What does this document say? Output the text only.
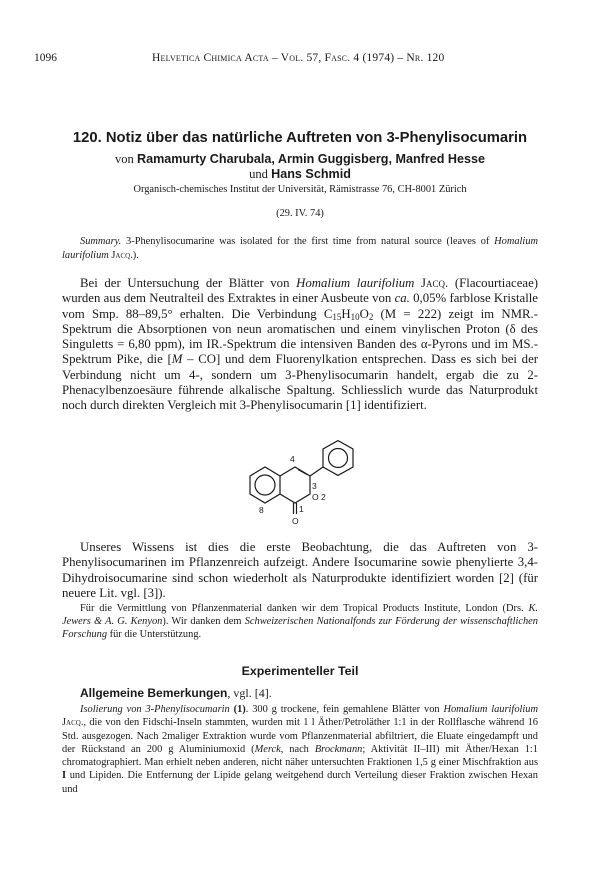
1096	Helvetica Chimica Acta – Vol. 57, Fasc. 4 (1974) – Nr. 120
120. Notiz über das natürliche Auftreten von 3-Phenylisocumarin
von Ramamurty Charubala, Armin Guggisberg, Manfred Hesse
und Hans Schmid
Organisch-chemisches Institut der Universität, Rämistrasse 76, CH-8001 Zürich
(29. IV. 74)
Summary. 3-Phenylisocumarine was isolated for the first time from natural source (leaves of Homalium laurifolium Jacq.).
Bei der Untersuchung der Blätter von Homalium laurifolium Jacq. (Flacourtiaceae) wurden aus dem Neutralteil des Extraktes in einer Ausbeute von ca. 0,05% farblose Kristalle vom Smp. 88–89,5° erhalten. Die Verbindung $C_{15}H_{10}O_2$ (M = 222) zeigt im NMR.-Spektrum die Absorptionen von neun aromatischen und einem vinylischen Proton (δ des Singuletts = 6,80 ppm), im IR.-Spektrum die intensiven Banden des α-Pyrons und im MS.-Spektrum Pike, die [M – CO] und dem Fluorenylkation entsprechen. Dass es sich bei der Verbindung nicht um 4-, sondern um 3-Phenylisocumarin handelt, ergab die zu 2-Phenacylbenzoesäure führende alkalische Spaltung. Schliesslich wurde das Naturprodukt noch durch direkten Vergleich mit 3-Phenylisocumarin [1] identifiziert.
4
3
O 2
8	1
O
Unseres Wissens ist dies die erste Beobachtung, die das Auftreten von 3-Phenylisocumarinen im Pflanzenreich aufzeigt. Andere Isocumarine sowie phenylierte 3,4-Dihydroisocumarine sind schon wiederholt als Naturprodukte identifiziert worden [2] (für neuere Lit. vgl. [3]).
Für die Vermittlung von Pflanzenmaterial danken wir dem Tropical Products Institute, London (Drs. K. Jewers & A. G. Kenyon). Wir danken dem Schweizerischen Nationalfonds zur Förderung der wissenschaftlichen Forschung für die Unterstützung.
Experimenteller Teil
Allgemeine Bemerkungen, vgl. [4].
Isolierung von 3-Phenylisocumarin (1). 300 g trockene, fein gemahlene Blätter von Homalium laurifolium Jacq., die von den Fidschi-Inseln stammten, wurden mit 1 l Äther/Petroläther 1:1 in der Rollflasche während 16 Std. ausgezogen. Nach 2maliger Extraktion wurde vom Pflanzenmaterial abfiltriert, die Eluate eingedampft und der Rückstand an 200 g Aluminiumoxid (Merck, nach Brockmann; Aktivität II–III) mit Äther/Hexan 1:1 chromatographiert. Man erhielt neben anderen, nicht näher untersuchten Fraktionen 1,5 g einer Mischfraktion aus I und Lipiden. Die Entfernung der Lipide gelang weitgehend durch Verteilung dieser Fraktion zwischen Hexan und
